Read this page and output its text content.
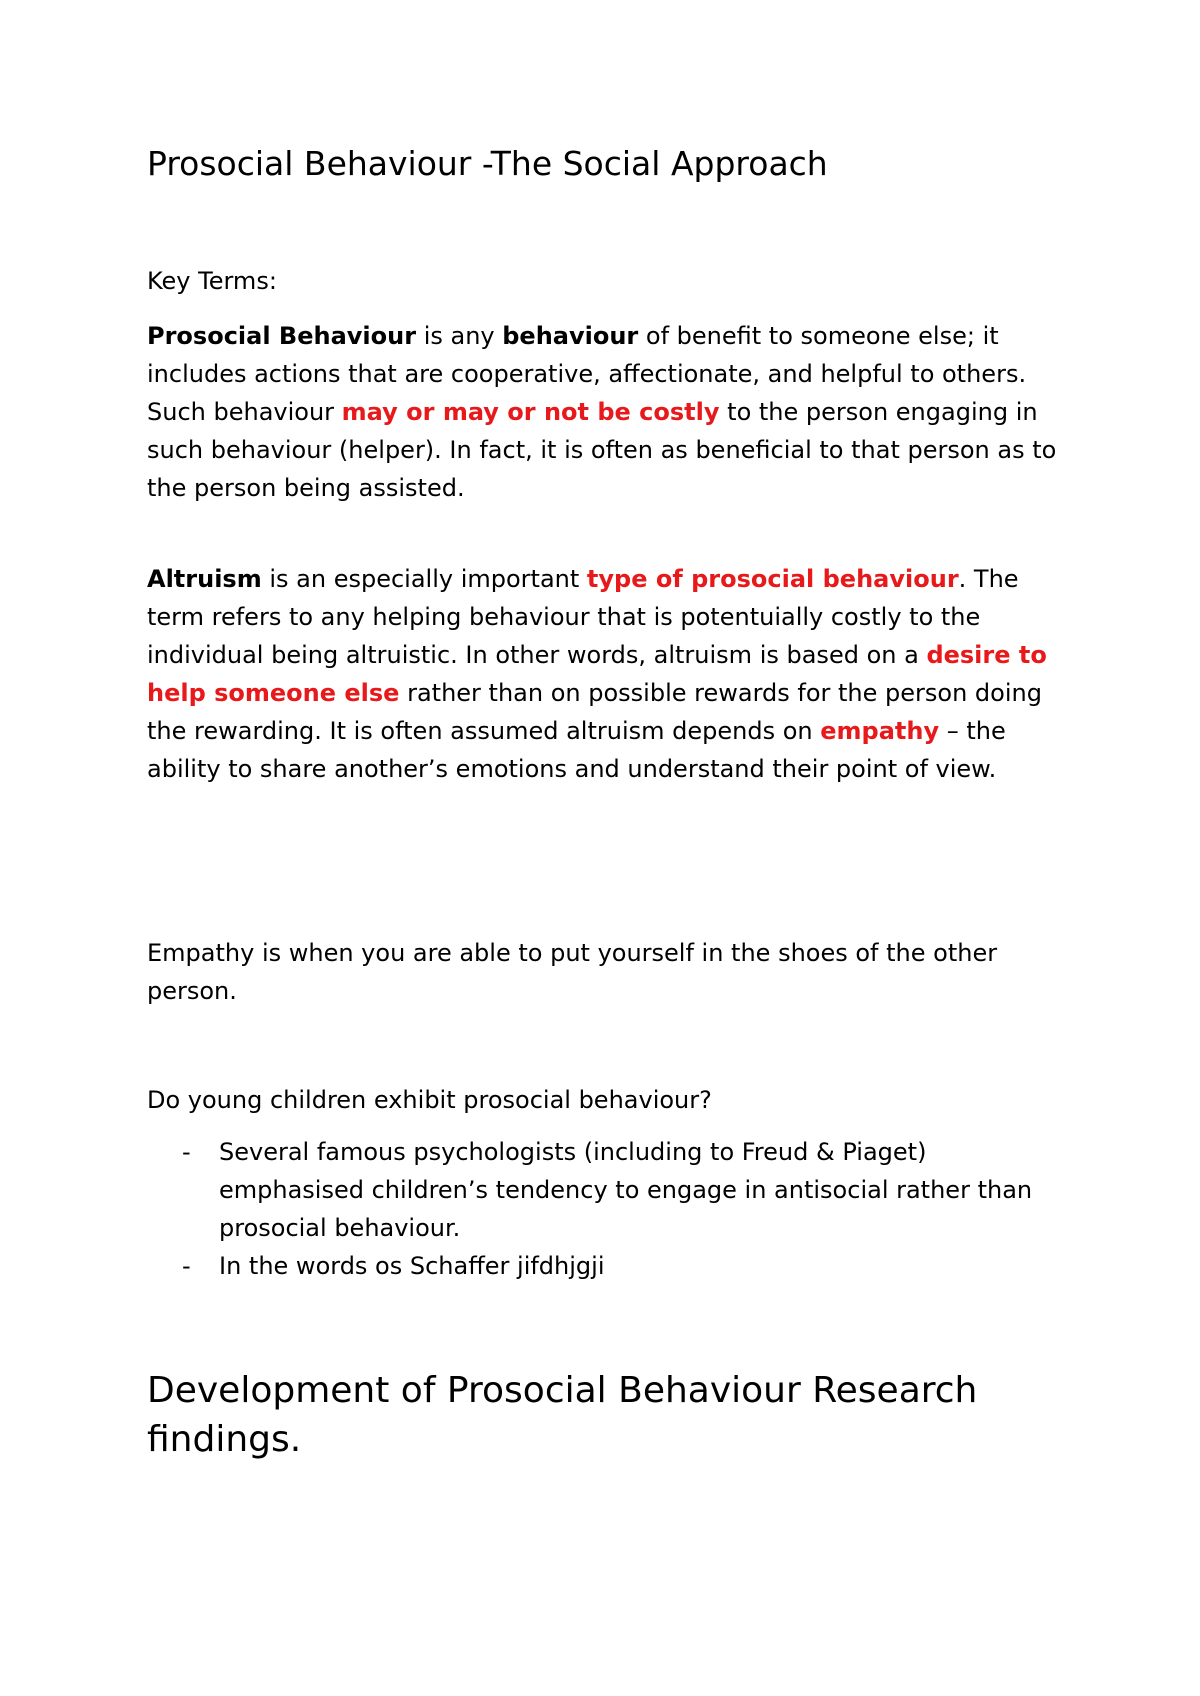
Prosocial Behaviour -The Social Approach
Key Terms:
Prosocial Behaviour is any behaviour of benefit to someone else; it includes actions that are cooperative, affectionate, and helpful to others. Such behaviour may or may or not be costly to the person engaging in such behaviour (helper). In fact, it is often as beneficial to that person as to the person being assisted.
Altruism is an especially important type of prosocial behaviour. The term refers to any helping behaviour that is potentuially costly to the individual being altruistic. In other words, altruism is based on a desire to help someone else rather than on possible rewards for the person doing the rewarding. It is often assumed altruism depends on empathy – the ability to share another’s emotions and understand their point of view.
Empathy is when you are able to put yourself in the shoes of the other person.
Do young children exhibit prosocial behaviour?
- Several famous psychologists (including to Freud & Piaget) emphasised children’s tendency to engage in antisocial rather than prosocial behaviour.
- In the words os Schaffer jifdhjgji
Development of Prosocial Behaviour Research findings.
